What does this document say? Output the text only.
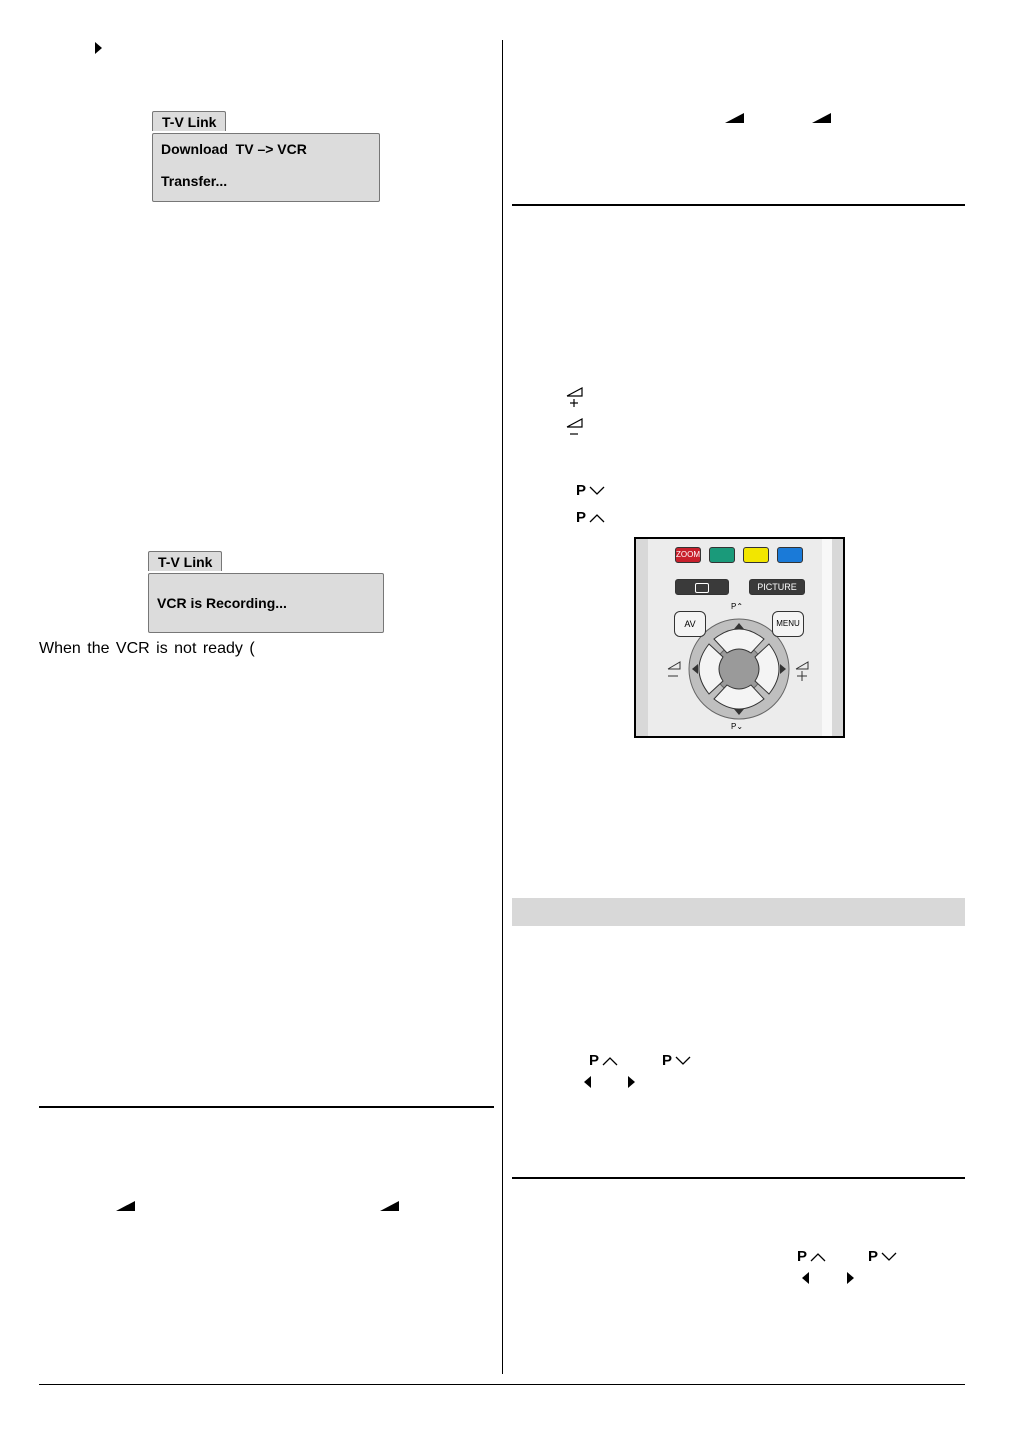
T-V Link
Download  TV –> VCR
Transfer...
T-V Link
VCR is Recording...
When the VCR is not ready (
P
P
ZOOM
PICTURE
AV	MENU
P⌃
P⌄
P	P
P	P
